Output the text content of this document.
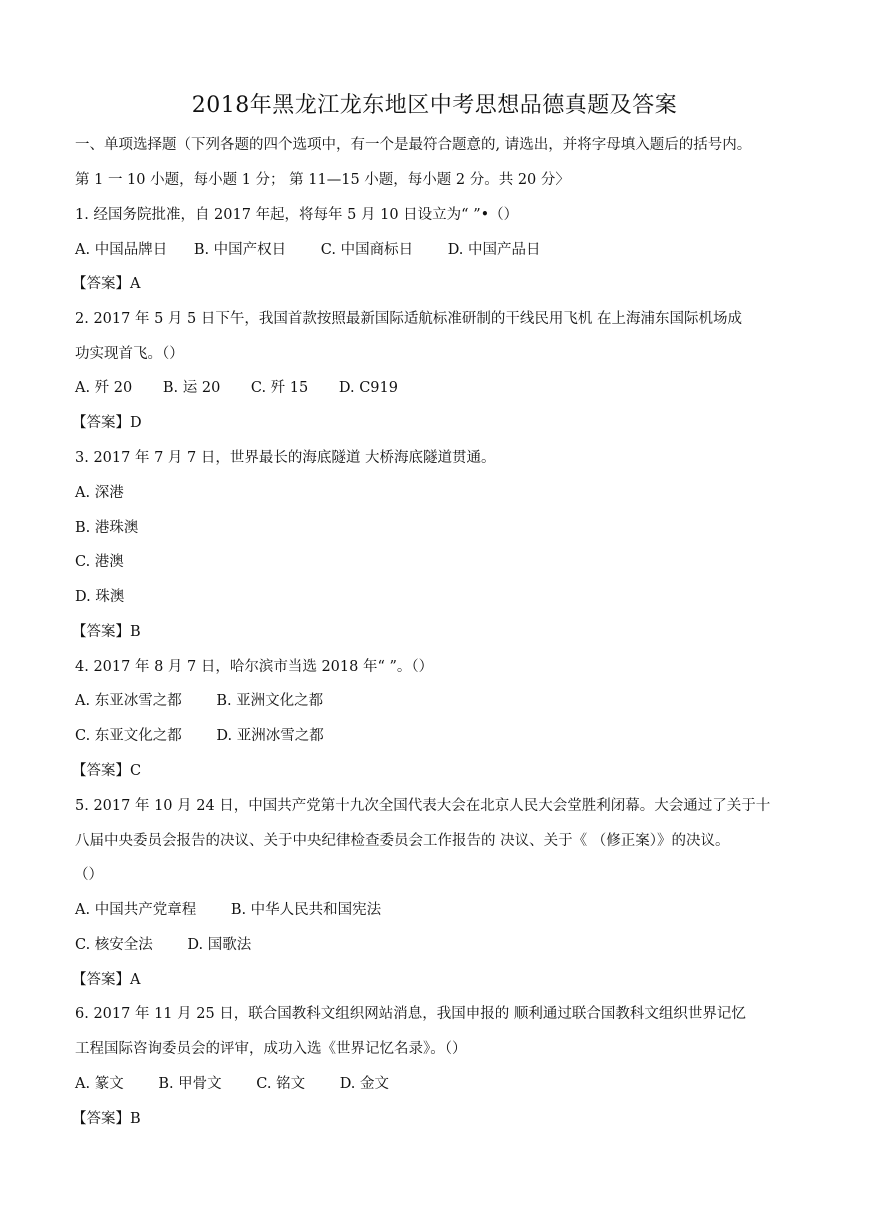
2018年黑龙江龙东地区中考思想品德真题及答案
一、单项选择题（下列各题的四个选项中，有一个是最符合题意的, 请选出，并将字母填入题后的括号内。
第 1 一 10 小题，每小题 1 分； 第 11—15 小题，每小题 2 分。共 20 分〉
1. 经国务院批准，自 2017 年起，将每年 5 月 10 日设立为“ ”•（）
A. 中国品牌日 B. 中国产权日 C. 中国商标日 D. 中国产品日
【答案】A
2. 2017 年 5 月 5 日下午，我国首款按照最新国际适航标准研制的干线民用飞机 在上海浦东国际机场成
功实现首飞。（）
A. 歼 20 B. 运 20 C. 歼 15 D. C919
【答案】D
3. 2017 年 7 月 7 日，世界最长的海底隧道 大桥海底隧道贯通。
A. 深港
B. 港珠澳
C. 港澳
D. 珠澳
【答案】B
4. 2017 年 8 月 7 日，哈尔滨市当选 2018 年“ ”。（）
A. 东亚冰雪之都 B. 亚洲文化之都
C. 东亚文化之都 D. 亚洲冰雪之都
【答案】C
5. 2017 年 10 月 24 日，中国共产党第十九次全国代表大会在北京人民大会堂胜利闭幕。大会通过了关于十
八届中央委员会报告的决议、关于中央纪律检查委员会工作报告的 决议、关于《 （修正案）》的决议。
（）
A. 中国共产党章程 B. 中华人民共和国宪法
C. 核安全法 D. 国歌法
【答案】A
6. 2017 年 11 月 25 日，联合国教科文组织网站消息，我国申报的 顺利通过联合国教科文组织世界记忆
工程国际咨询委员会的评审，成功入选《世界记忆名录》。（）
A. 篆文 B. 甲骨文 C. 铭文 D. 金文
【答案】B
